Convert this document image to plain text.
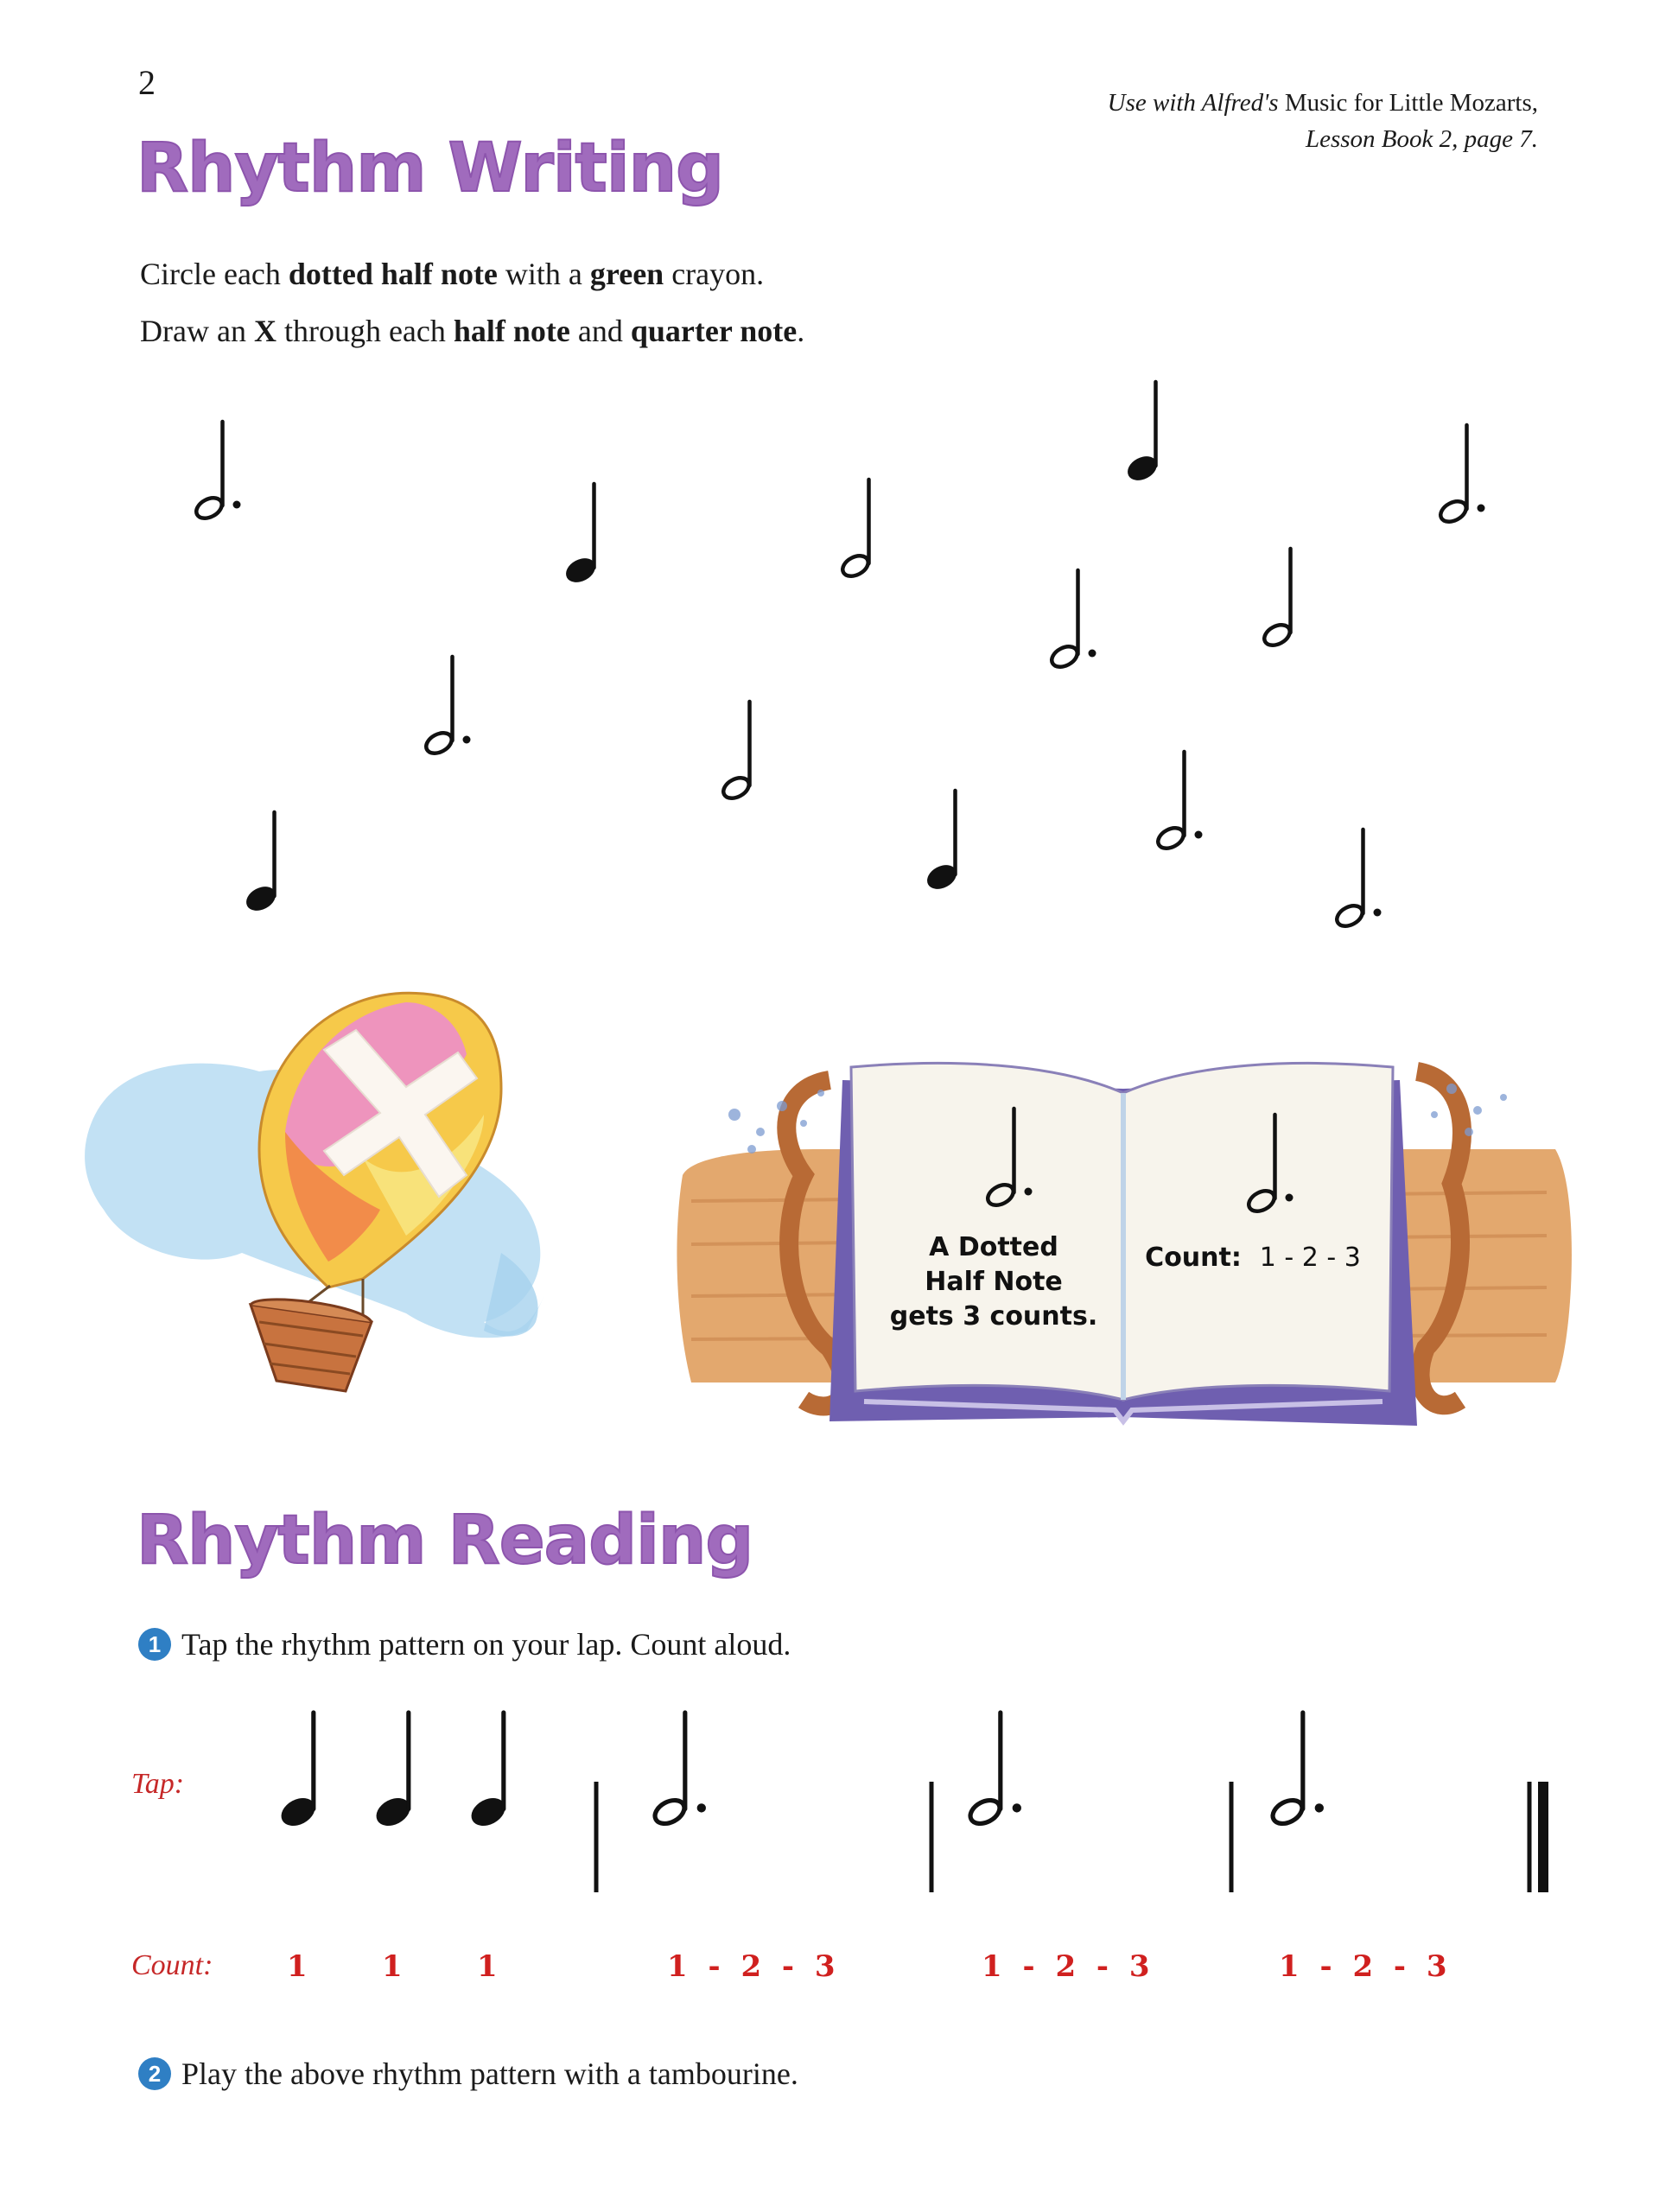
2
Use with Alfred's Music for Little Mozarts,
Lesson Book 2, page 7.
Rhythm Writing
Circle each dotted half note with a green crayon.
Draw an X through each half note and quarter note.
A Dotted
Half Note
gets 3 counts.
Count: 1 - 2 - 3
Rhythm Reading
1 Tap the rhythm pattern on your lap. Count aloud.
Tap:
Count:	1	1	1	1 - 2 - 3	1 - 2 - 3	1 - 2 - 3
2 Play the above rhythm pattern with a tambourine.
